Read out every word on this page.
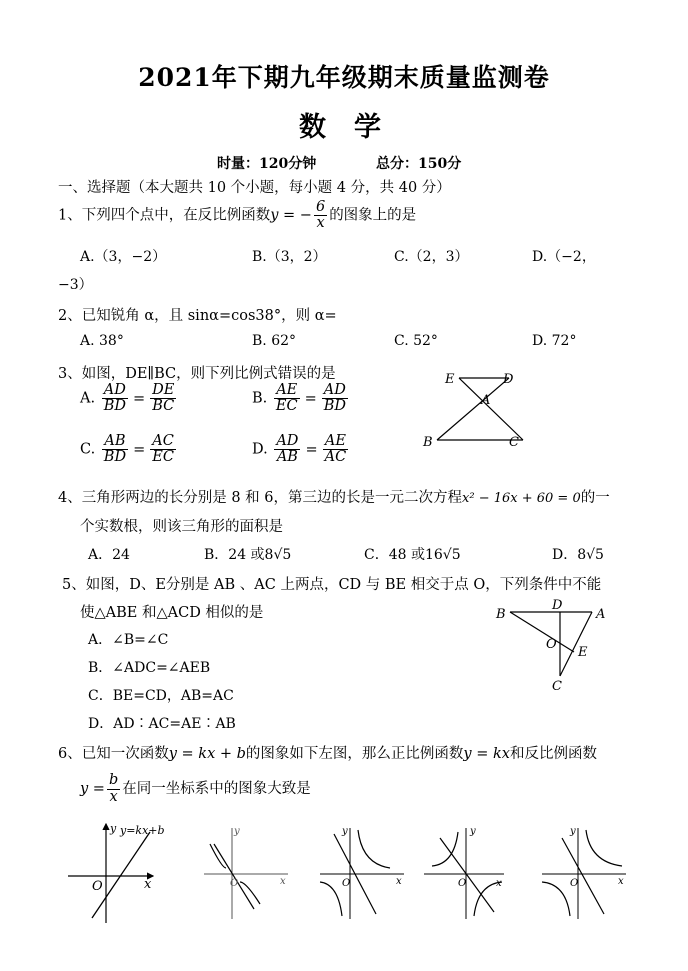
2021年下期九年级期末质量监测卷
数学
时量：120分钟	总分：150分
一、选择题（本大题共 10 个小题，每小题 4 分，共 40 分）
1、下列四个点中，在反比例函数y = − $\frac{6}{x}$ 的图象上的是
A.（3，−2）	B.（3，2）	C.（2，3）	D.（−2，
−3）
2、已知锐角 α，且 sinα=cos38°，则 α=
A. 38°	B. 62°	C. 52°	D. 72°
3、如图，DE∥BC，则下列比例式错误的是
A. $\frac{AD}{BD} = \frac{DE}{BC}$	B. $\frac{AE}{EC} = \frac{AD}{BD}$
C. $\frac{AB}{BD} = \frac{AC}{EC}$	D. $\frac{AD}{AB} = \frac{AE}{AC}$
E	D
A
B	C
4、三角形两边的长分别是 8 和 6，第三边的长是一元二次方程x² − 16x + 60 = 0的一
个实数根，则该三角形的面积是
A．24	B．24 或8√5	C．48 或16√5	D．8√5
5、如图，D、E分别是 AB 、AC 上两点，CD 与 BE 相交于点 O，下列条件中不能
使△ABE 和△ACD 相似的是
A．∠B=∠C
B．∠ADC=∠AEB
C．BE=CD，AB=AC
D．AD∶AC=AE∶AB
B
D
A
O
E
C
6、已知一次函数y = kx + b的图象如下左图，那么正比例函数y = kx和反比例函数
$y = \frac{b}{x}$ 在同一坐标系中的图象大致是
y y=kx+b
x
O	O	x
y
O	x
y
O	x
y
O	x
y
